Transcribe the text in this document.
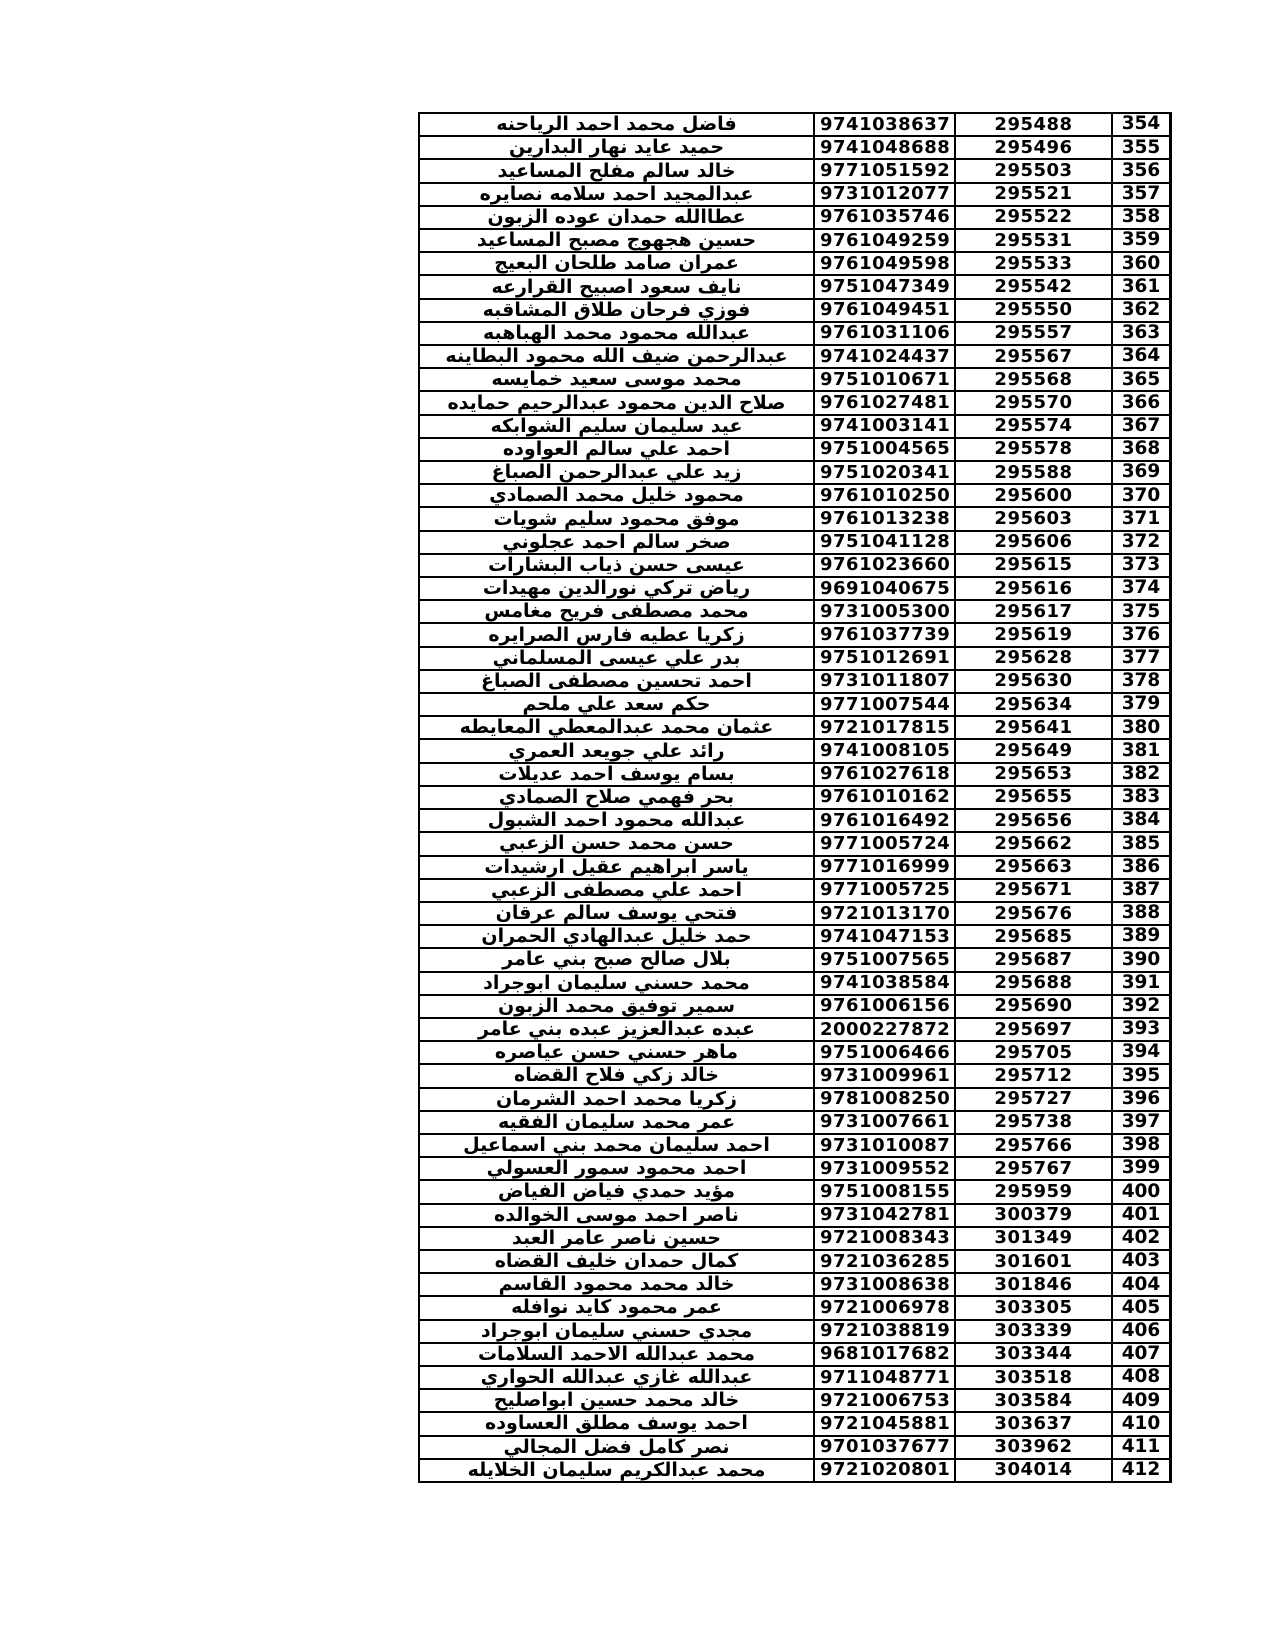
فاضل محمد احمد الرياحنه	9741038637	295488	354
حميد عايد نهار البدارين	9741048688	295496	355
خالد سالم مفلح المساعيد	9771051592	295503	356
عبدالمجيد احمد سلامه نصايره	9731012077	295521	357
عطاالله حمدان عوده الزبون	9761035746	295522	358
حسين هجهوج مصبح المساعيد	9761049259	295531	359
عمران صامد طلحان البعيج	9761049598	295533	360
نايف سعود اصبيح القرارعه	9751047349	295542	361
فوزي فرحان طلاق المشاقبه	9761049451	295550	362
عبدالله محمود محمد الهباهبه	9761031106	295557	363
عبدالرحمن ضيف الله محمود البطاينه	9741024437	295567	364
محمد موسى سعيد خمايسه	9751010671	295568	365
صلاح الدين محمود عبدالرحيم حمايده	9761027481	295570	366
عيد سليمان سليم الشوابكه	9741003141	295574	367
احمد علي سالم العواوده	9751004565	295578	368
زيد علي عبدالرحمن الصباغ	9751020341	295588	369
محمود خليل محمد الصمادي	9761010250	295600	370
موفق محمود سليم شويات	9761013238	295603	371
صخر سالم احمد عجلوني	9751041128	295606	372
عيسى حسن ذياب البشارات	9761023660	295615	373
رياض تركي نورالدين مهيدات	9691040675	295616	374
محمد مصطفى فريح مغامس	9731005300	295617	375
زكريا عطيه فارس الصرايره	9761037739	295619	376
بدر علي عيسى المسلماني	9751012691	295628	377
احمد تحسين مصطفى الصباغ	9731011807	295630	378
حكم سعد علي ملحم	9771007544	295634	379
عثمان محمد عبدالمعطي المعايطه	9721017815	295641	380
رائد علي جويعد العمري	9741008105	295649	381
بسام يوسف احمد عديلات	9761027618	295653	382
بحر فهمي صلاح الصمادي	9761010162	295655	383
عبدالله محمود احمد الشبول	9761016492	295656	384
حسن محمد حسن الزعبي	9771005724	295662	385
ياسر ابراهيم عقيل ارشيدات	9771016999	295663	386
احمد علي مصطفى الزعبي	9771005725	295671	387
فتحي يوسف سالم عرقان	9721013170	295676	388
حمد خليل عبدالهادي الحمران	9741047153	295685	389
بلال صالح صبح بني عامر	9751007565	295687	390
محمد حسني سليمان ابوجراد	9741038584	295688	391
سمير توفيق محمد الزبون	9761006156	295690	392
عبده عبدالعزيز عبده بني عامر	2000227872	295697	393
ماهر حسني حسن عياصره	9751006466	295705	394
خالد زكي فلاح القضاه	9731009961	295712	395
زكريا محمد احمد الشرمان	9781008250	295727	396
عمر محمد سليمان الفقيه	9731007661	295738	397
احمد سليمان محمد بني اسماعيل	9731010087	295766	398
احمد محمود سمور العسولي	9731009552	295767	399
مؤيد حمدي فياض الفياض	9751008155	295959	400
ناصر احمد موسى الخوالده	9731042781	300379	401
حسين ناصر عامر العبد	9721008343	301349	402
كمال حمدان خليف القضاه	9721036285	301601	403
خالد محمد محمود القاسم	9731008638	301846	404
عمر محمود كايد نوافله	9721006978	303305	405
مجدي حسني سليمان ابوجراد	9721038819	303339	406
محمد عبدالله الاحمد السلامات	9681017682	303344	407
عبدالله غازي عبدالله الحواري	9711048771	303518	408
خالد محمد حسين ابواصليح	9721006753	303584	409
احمد يوسف مطلق العساوده	9721045881	303637	410
نصر كامل فضل المجالي	9701037677	303962	411
محمد عبدالكريم سليمان الخلايله	9721020801	304014	412
